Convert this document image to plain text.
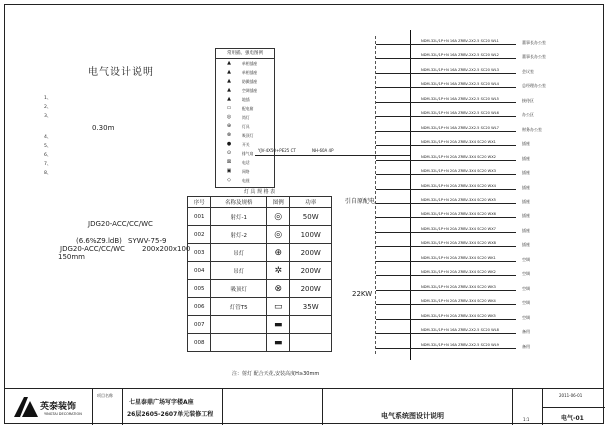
电气设计说明
1、
2、
3、
0.30m
4、
5、
6、
7、
8、
JDG20-ACC/CC/WC
(6.6%Z9.ldB) SYWV-75-9
JDG20-ACC/CC/WC 200x200x100
150mm
常用插、强电图例
▲	单相插座
▲	单相插座
▲	防溅插座
▲	空调插座
▲	地插
▭	配电箱
◎	筒灯
⊕	灯具
⊗	吸顶灯
●	开关
⊙	排气扇
⊠	电话
▣	网络
◇	电视
灯 具 规 格 表
序号	名称及规格	图例	功率
001	射灯-1	◎	50W
002	射灯-2	◎	100W
003	吊灯	⊕	200W
004	吊灯	✲	200W
005	吸顶灯	⊗	200W
006	灯管T5	▭	35W
007		▬	
008		▬	
注：射灯 配合天花,安装高度H≥30mm
YJV-4X50+PE25 CT	NH-60A 4P
引自原配电
22KW
NDM-32L/1P+N 16A ZRBV-2X2.5 SC20 WL1	董事长办公室
NDM-32L/1P+N 16A ZRBV-2X2.5 SC20 WL2	董事长办公室
NDM-32L/1P+N 16A ZRBV-2X2.5 SC20 WL3	会议室
NDM-32L/1P+N 16A ZRBV-2X2.5 SC20 WL4	总经理办公室
NDM-32L/1P+N 16A ZRBV-2X2.5 SC20 WL5	接待区
NDM-32L/1P+N 16A ZRBV-2X2.5 SC20 WL6	办公区
NDM-32L/1P+N 16A ZRBV-2X2.5 SC20 WL7	财务办公室
NDM-32L/1P+N 20A ZRBV-3X4 SC20 WX1	插座
NDM-32L/1P+N 20A ZRBV-3X4 SC20 WX2	插座
NDM-32L/1P+N 20A ZRBV-3X4 SC20 WX3	插座
NDM-32L/1P+N 20A ZRBV-3X4 SC20 WX4	插座
NDM-32L/1P+N 20A ZRBV-3X4 SC20 WX5	插座
NDM-32L/1P+N 20A ZRBV-3X4 SC20 WX6	插座
NDM-32L/1P+N 20A ZRBV-3X4 SC20 WX7	插座
NDM-32L/1P+N 20A ZRBV-3X4 SC20 WX8	插座
NDM-32L/1P+N 20A ZRBV-3X4 SC20 WK1	空调
NDM-32L/1P+N 20A ZRBV-3X4 SC20 WK2	空调
NDM-32L/1P+N 20A ZRBV-3X4 SC20 WK3	空调
NDM-32L/1P+N 20A ZRBV-3X4 SC20 WK4	空调
NDM-32L/1P+N 20A ZRBV-3X4 SC20 WK5	空调
NDM-32L/1P+N 16A ZRBV-2X2.5 SC20 WL8	备用
NDM-32L/1P+N 16A ZRBV-2X2.5 SC20 WL9	备用
英泰装饰
YINGTAI DECORATION
项目名称
七星泰鼎广场写字楼A座
26层2605-2607单元装修工程	电气系统图设计说明	1:1
2011-06-01
电气-01
